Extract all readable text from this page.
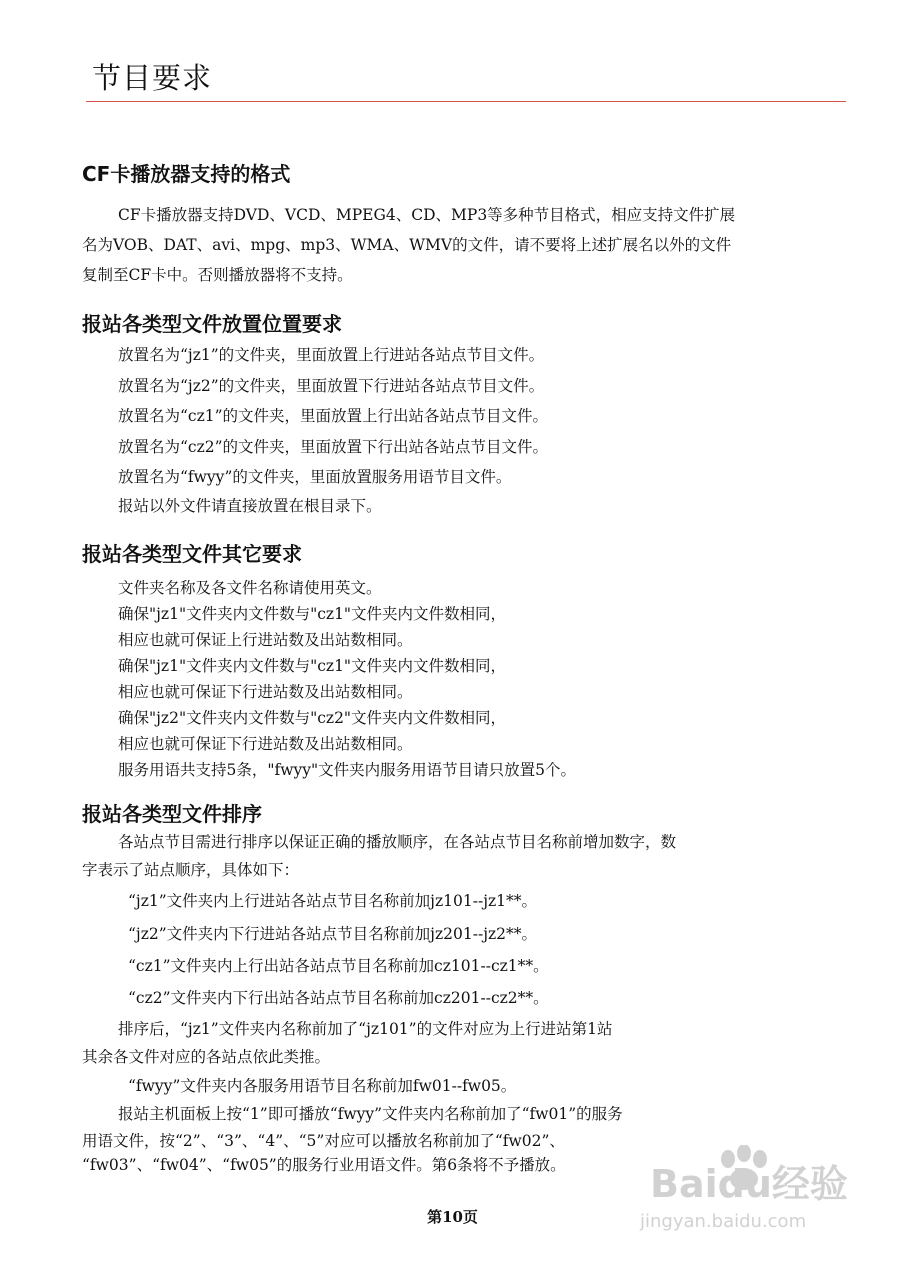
节目要求
CF卡播放器支持的格式
CF卡播放器支持DVD、VCD、MPEG4、CD、MP3等多种节目格式，相应支持文件扩展
名为VOB、DAT、avi、mpg、mp3、WMA、WMV的文件，请不要将上述扩展名以外的文件
复制至CF卡中。否则播放器将不支持。
报站各类型文件放置位置要求
放置名为“jz1”的文件夹，里面放置上行进站各站点节目文件。
放置名为“jz2”的文件夹，里面放置下行进站各站点节目文件。
放置名为“cz1”的文件夹，里面放置上行出站各站点节目文件。
放置名为“cz2”的文件夹，里面放置下行出站各站点节目文件。
放置名为“fwyy”的文件夹，里面放置服务用语节目文件。
报站以外文件请直接放置在根目录下。
报站各类型文件其它要求
文件夹名称及各文件名称请使用英文。
确保"jz1"文件夹内文件数与"cz1"文件夹内文件数相同，
相应也就可保证上行进站数及出站数相同。
确保"jz1"文件夹内文件数与"cz1"文件夹内文件数相同，
相应也就可保证下行进站数及出站数相同。
确保"jz2"文件夹内文件数与"cz2"文件夹内文件数相同，
相应也就可保证下行进站数及出站数相同。
服务用语共支持5条，"fwyy"文件夹内服务用语节目请只放置5个。
报站各类型文件排序
各站点节目需进行排序以保证正确的播放顺序，在各站点节目名称前增加数字，数
字表示了站点顺序，具体如下：
“jz1”文件夹内上行进站各站点节目名称前加jz101--jz1**。
“jz2”文件夹内下行进站各站点节目名称前加jz201--jz2**。
“cz1”文件夹内上行出站各站点节目名称前加cz101--cz1**。
“cz2”文件夹内下行出站各站点节目名称前加cz201--cz2**。
排序后，“jz1”文件夹内名称前加了“jz101”的文件对应为上行进站第1站
其余各文件对应的各站点依此类推。
“fwyy”文件夹内各服务用语节目名称前加fw01--fw05。
报站主机面板上按“1”即可播放“fwyy”文件夹内名称前加了“fw01”的服务
用语文件，按“2”、“3”、“4”、“5”对应可以播放名称前加了“fw02”、
“fw03”、“fw04”、“fw05”的服务行业用语文件。第6条将不予播放。
第10页
Baidu经验
jingyan.baidu.com
